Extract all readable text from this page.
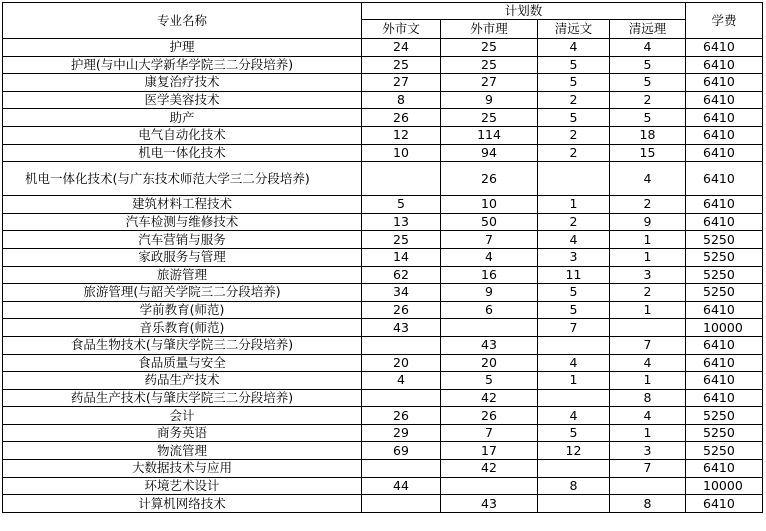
专业名称	计划数				学费
	外市文	外市理	清远文	清远理	
护理	24	25	4	4	6410
护理(与中山大学新华学院三二分段培养)	25	25	5	5	6410
康复治疗技术	27	27	5	5	6410
医学美容技术	8	9	2	2	6410
助产	26	25	5	5	6410
电气自动化技术	12	114	2	18	6410
机电一体化技术	10	94	2	15	6410
机电一体化技术(与广东技术师范大学三二分段培养)		26		4	6410
建筑材料工程技术	5	10	1	2	6410
汽车检测与维修技术	13	50	2	9	6410
汽车营销与服务	25	7	4	1	5250
家政服务与管理	14	4	3	1	5250
旅游管理	62	16	11	3	5250
旅游管理(与韶关学院三二分段培养)	34	9	5	2	5250
学前教育(师范)	26	6	5	1	6410
音乐教育(师范)	43		7		10000
食品生物技术(与肇庆学院三二分段培养)		43		7	6410
食品质量与安全	20	20	4	4	6410
药品生产技术	4	5	1	1	6410
药品生产技术(与肇庆学院三二分段培养)		42		8	6410
会计	26	26	4	4	5250
商务英语	29	7	5	1	5250
物流管理	69	17	12	3	5250
大数据技术与应用		42		7	6410
环境艺术设计	44		8		10000
计算机网络技术		43		8	6410
